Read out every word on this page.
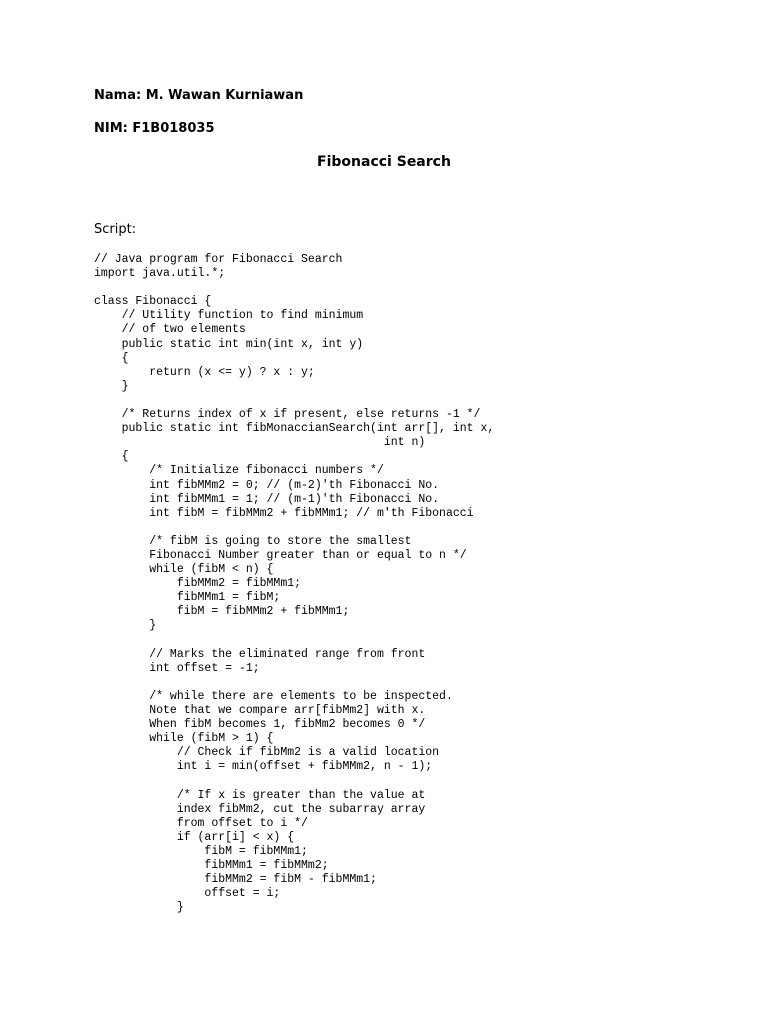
Nama: M. Wawan Kurniawan

NIM: F1B018035

Fibonacci Search

Script:

// Java program for Fibonacci Search
import java.util.*;
class Fibonacci {
// Utility function to find minimum
// of two elements
public static int min(int x, int y)
{
return (x <= y) ? x : y;
}
/* Returns index of x if present, else returns -1 */
public static int fibMonaccianSearch(int arr[], int x,
int n)
{
/* Initialize fibonacci numbers */
int fibMMm2 = 0; // (m-2)'th Fibonacci No.
int fibMMm1 = 1; // (m-1)'th Fibonacci No.
int fibM = fibMMm2 + fibMMm1; // m'th Fibonacci
/* fibM is going to store the smallest
Fibonacci Number greater than or equal to n */
while (fibM < n) {
fibMMm2 = fibMMm1;
fibMMm1 = fibM;
fibM = fibMMm2 + fibMMm1;
}
// Marks the eliminated range from front
int offset = -1;
/* while there are elements to be inspected.
Note that we compare arr[fibMm2] with x.
When fibM becomes 1, fibMm2 becomes 0 */
while (fibM > 1) {
// Check if fibMm2 is a valid location
int i = min(offset + fibMMm2, n - 1);
/* If x is greater than the value at
index fibMm2, cut the subarray array
from offset to i */
if (arr[i] < x) {
fibM = fibMMm1;
fibMMm1 = fibMMm2;
fibMMm2 = fibM - fibMMm1;
offset = i;
}
